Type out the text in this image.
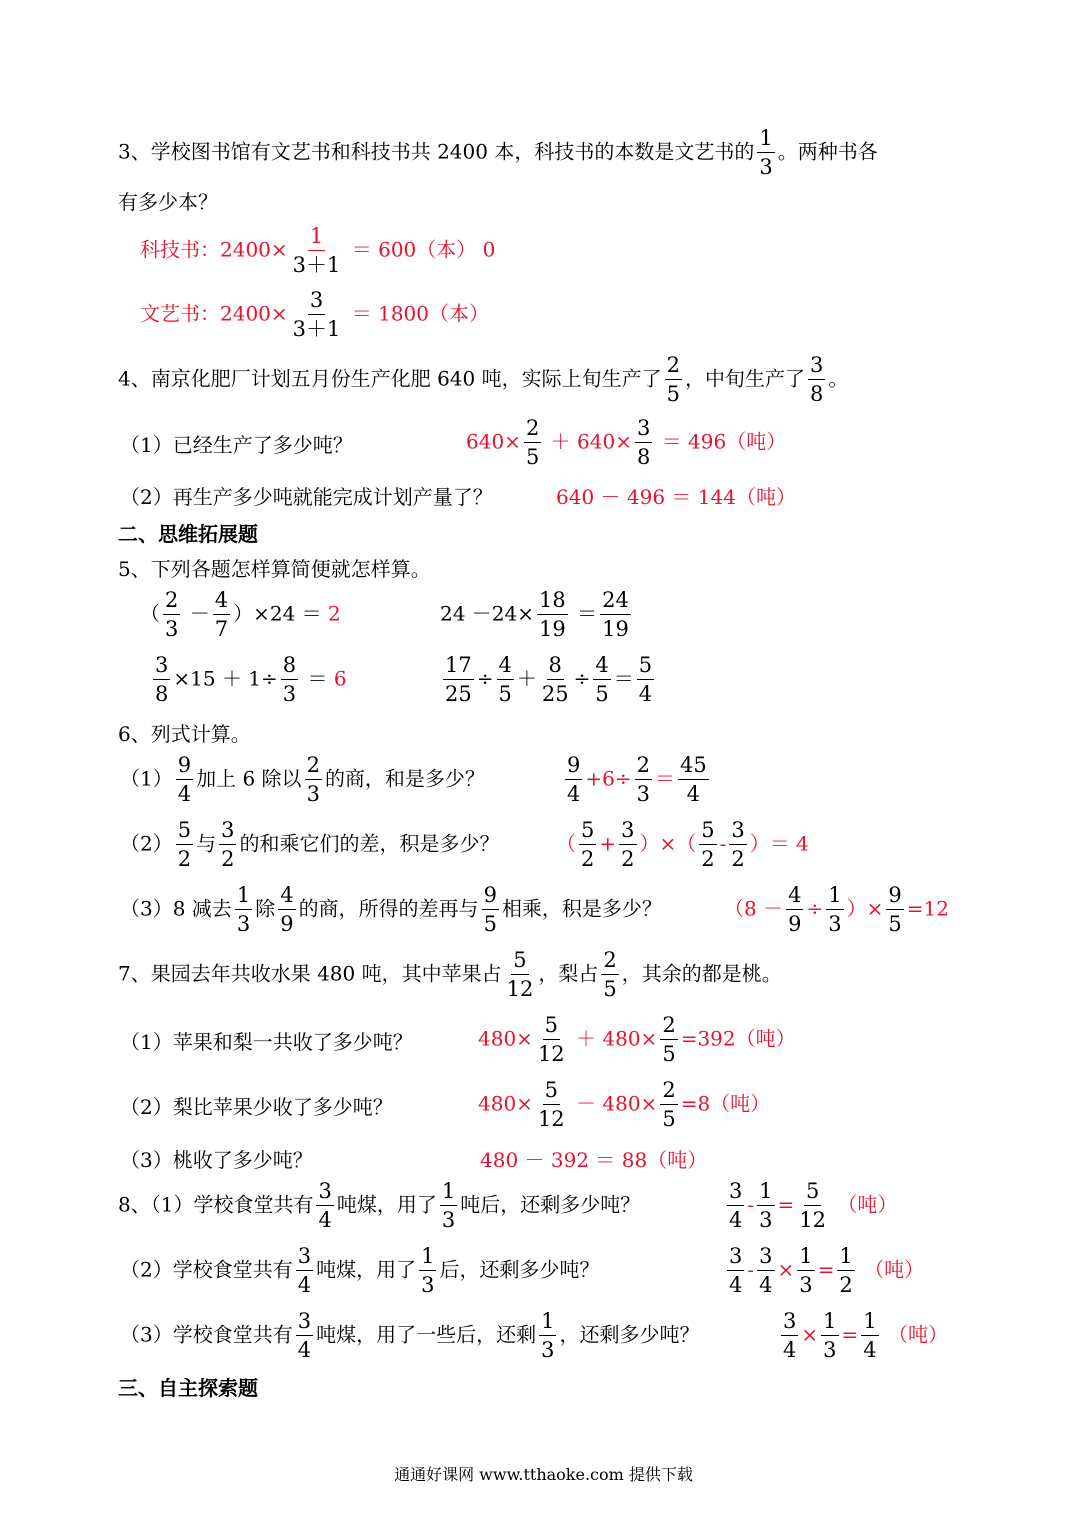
3、学校图书馆有文艺书和科技书共 2400 本，科技书的本数是文艺书的 $\frac{1}{3}$ 。两种书各
有多少本？
科技书：$2400\times \frac{1}{3+1} = 600$（本） 0
文艺书：$2400\times \frac{3}{3+1} = 1800$（本）
4、南京化肥厂计划五月份生产化肥 640 吨，实际上旬生产了 $\frac{2}{5}$ ，中旬生产了 $\frac{3}{8}$ 。
（1）已经生产了多少吨？	$640\times \frac{2}{5} + 640\times \frac{3}{8} = 496$（吨）
（2）再生产多少吨就能完成计划产量了？	640 － 496 ＝ 144（吨）
二、思维拓展题
5、下列各题怎样算简便就怎样算。
（ $\frac{2}{3} - \frac{4}{7} )\times 24 = 2$	$24 -24\times \frac{18}{19} = \frac{24}{19}$
$\frac{3}{8} \times 15 + 1\div \frac{8}{3} = 6$	$\frac{17}{25} \div \frac{4}{5} + \frac{8}{25} \div \frac{4}{5} = \frac{5}{4}$
6、列式计算。
$(1) \frac{9}{4}$ 加上 6 除以 $\frac{2}{3}$ 的商，和是多少？	$\frac{9}{4} +6\div \frac{2}{3} = \frac{45}{4}$
$(2) \frac{5}{2}$ 与 $\frac{3}{2}$ 的和乘它们的差，积是多少？	（ $\frac{5}{2} + \frac{3}{2}$ ）×（ $\frac{5}{2} - \frac{3}{2}$ ）＝ 4
（3）8 减去 $\frac{1}{3}$ 除 $\frac{4}{9}$ 的商，所得的差再与 $\frac{9}{5}$ 相乘，积是多少？	（$8 - \frac{4}{9} \div \frac{1}{3}$ ）× $\frac{9}{5} =12$
7、果园去年共收水果 480 吨，其中苹果占 $\frac{5}{12}$ ，梨占 $\frac{2}{5}$ ，其余的都是桃。
（1）苹果和梨一共收了多少吨？	$480\times \frac{5}{12} + 480\times \frac{2}{5} =392$（吨）
（2）梨比苹果少收了多少吨？	$480\times \frac{5}{12} - 480\times \frac{2}{5} =8$（吨）
（3）桃收了多少吨？	480 － 392 ＝ 88（吨）
8、（1）学校食堂共有 $\frac{3}{4}$ 吨煤，用了 $\frac{1}{3}$ 吨后，还剩多少吨？	$\frac{3}{4} - \frac{1}{3} = \frac{5}{12}$ （吨）
（2）学校食堂共有 $\frac{3}{4}$ 吨煤，用了 $\frac{1}{3}$ 后，还剩多少吨？	$\frac{3}{4} - \frac{3}{4} \times \frac{1}{3} = \frac{1}{2}$ （吨）
（3）学校食堂共有 $\frac{3}{4}$ 吨煤，用了一些后，还剩 $\frac{1}{3}$ ，还剩多少吨？	$\frac{3}{4} \times \frac{1}{3} = \frac{1}{4}$ （吨）
三、自主探索题
通通好课网 www.tthaoke.com 提供下载
